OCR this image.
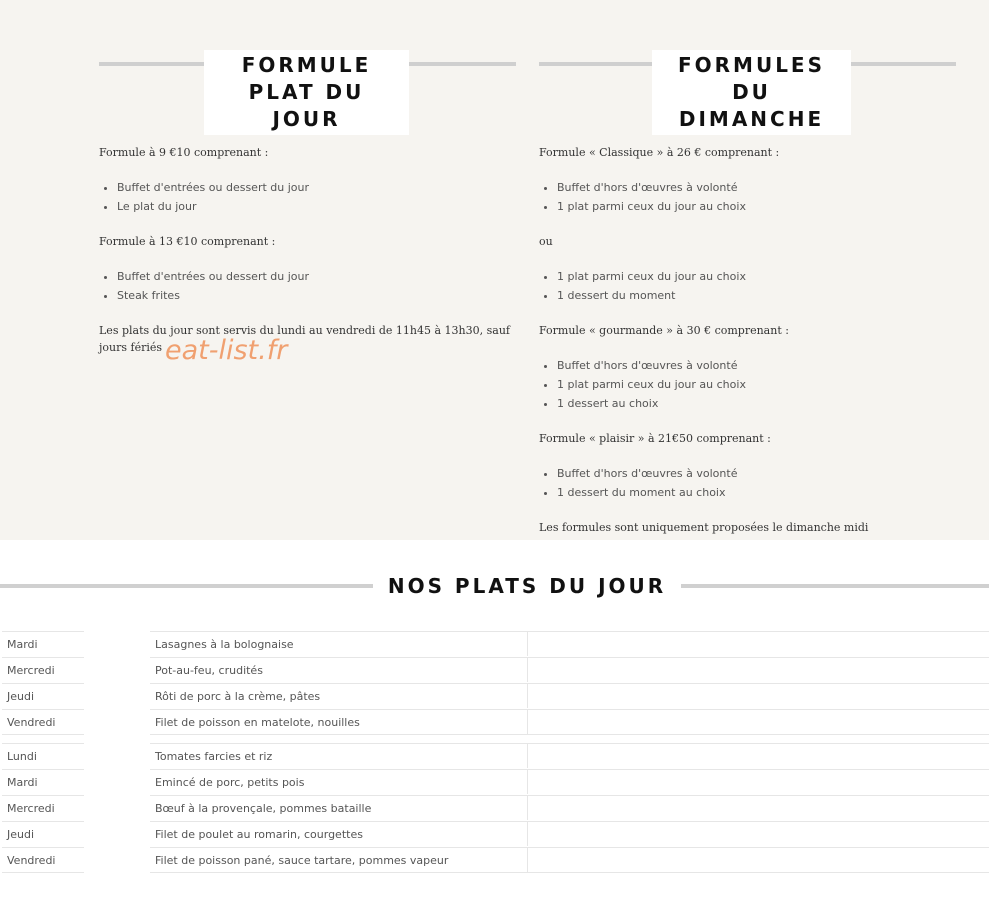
FORMULE
PLAT DU
JOUR

Formule à 9 €10 comprenant :

• Buffet d'entrées ou dessert du jour
• Le plat du jour

Formule à 13 €10 comprenant :

• Buffet d'entrées ou dessert du jour
• Steak frites

Les plats du jour sont servis du lundi au vendredi de 11h45 à 13h30, sauf jours fériés

FORMULES
DU
DIMANCHE

Formule « Classique » à 26 € comprenant :

• Buffet d'hors d'œuvres à volonté
• 1 plat parmi ceux du jour au choix

ou

• 1 plat parmi ceux du jour au choix
• 1 dessert du moment

Formule « gourmande » à 30 € comprenant :

• Buffet d'hors d'œuvres à volonté
• 1 plat parmi ceux du jour au choix
• 1 dessert au choix

Formule « plaisir » à 21€50 comprenant :

• Buffet d'hors d'œuvres à volonté
• 1 dessert du moment au choix

Les formules sont uniquement proposées le dimanche midi

eat-list.fr
NOS PLATS DU JOUR
Mardi	Lasagnes à la bolognaise
Mercredi	Pot-au-feu, crudités
Jeudi	Rôti de porc à la crème, pâtes
Vendredi	Filet de poisson en matelote, nouilles
Lundi	Tomates farcies et riz
Mardi	Emincé de porc, petits pois
Mercredi	Bœuf à la provençale, pommes bataille
Jeudi	Filet de poulet au romarin, courgettes
Vendredi	Filet de poisson pané, sauce tartare, pommes vapeur
